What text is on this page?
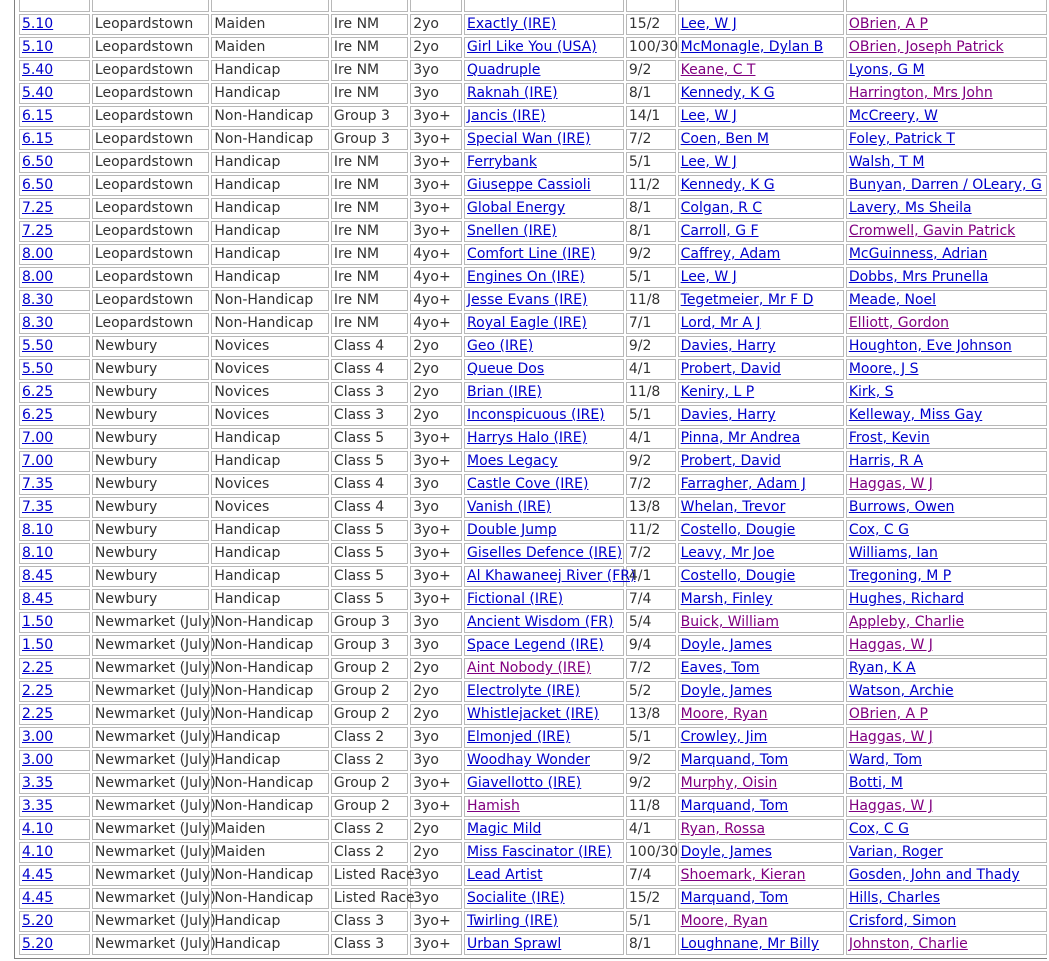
5.10	Leopardstown	Maiden	Ire NM	2yo	Exactly (IRE)	15/2	Lee, W J	OBrien, A P
5.10	Leopardstown	Maiden	Ire NM	2yo	Girl Like You (USA)	100/30	McMonagle, Dylan B	OBrien, Joseph Patrick
5.40	Leopardstown	Handicap	Ire NM	3yo	Quadruple	9/2	Keane, C T	Lyons, G M
5.40	Leopardstown	Handicap	Ire NM	3yo	Raknah (IRE)	8/1	Kennedy, K G	Harrington, Mrs John
6.15	Leopardstown	Non-Handicap	Group 3	3yo+	Jancis (IRE)	14/1	Lee, W J	McCreery, W
6.15	Leopardstown	Non-Handicap	Group 3	3yo+	Special Wan (IRE)	7/2	Coen, Ben M	Foley, Patrick T
6.50	Leopardstown	Handicap	Ire NM	3yo+	Ferrybank	5/1	Lee, W J	Walsh, T M
6.50	Leopardstown	Handicap	Ire NM	3yo+	Giuseppe Cassioli	11/2	Kennedy, K G	Bunyan, Darren / OLeary, G
7.25	Leopardstown	Handicap	Ire NM	3yo+	Global Energy	8/1	Colgan, R C	Lavery, Ms Sheila
7.25	Leopardstown	Handicap	Ire NM	3yo+	Snellen (IRE)	8/1	Carroll, G F	Cromwell, Gavin Patrick
8.00	Leopardstown	Handicap	Ire NM	4yo+	Comfort Line (IRE)	9/2	Caffrey, Adam	McGuinness, Adrian
8.00	Leopardstown	Handicap	Ire NM	4yo+	Engines On (IRE)	5/1	Lee, W J	Dobbs, Mrs Prunella
8.30	Leopardstown	Non-Handicap	Ire NM	4yo+	Jesse Evans (IRE)	11/8	Tegetmeier, Mr F D	Meade, Noel
8.30	Leopardstown	Non-Handicap	Ire NM	4yo+	Royal Eagle (IRE)	7/1	Lord, Mr A J	Elliott, Gordon
5.50	Newbury	Novices	Class 4	2yo	Geo (IRE)	9/2	Davies, Harry	Houghton, Eve Johnson
5.50	Newbury	Novices	Class 4	2yo	Queue Dos	4/1	Probert, David	Moore, J S
6.25	Newbury	Novices	Class 3	2yo	Brian (IRE)	11/8	Keniry, L P	Kirk, S
6.25	Newbury	Novices	Class 3	2yo	Inconspicuous (IRE)	5/1	Davies, Harry	Kelleway, Miss Gay
7.00	Newbury	Handicap	Class 5	3yo+	Harrys Halo (IRE)	4/1	Pinna, Mr Andrea	Frost, Kevin
7.00	Newbury	Handicap	Class 5	3yo+	Moes Legacy	9/2	Probert, David	Harris, R A
7.35	Newbury	Novices	Class 4	3yo	Castle Cove (IRE)	7/2	Farragher, Adam J	Haggas, W J
7.35	Newbury	Novices	Class 4	3yo	Vanish (IRE)	13/8	Whelan, Trevor	Burrows, Owen
8.10	Newbury	Handicap	Class 5	3yo+	Double Jump	11/2	Costello, Dougie	Cox, C G
8.10	Newbury	Handicap	Class 5	3yo+	Giselles Defence (IRE)	7/2	Leavy, Mr Joe	Williams, Ian
8.45	Newbury	Handicap	Class 5	3yo+	Al Khawaneej River (FR)	4/1	Costello, Dougie	Tregoning, M P
8.45	Newbury	Handicap	Class 5	3yo+	Fictional (IRE)	7/4	Marsh, Finley	Hughes, Richard
1.50	Newmarket (July)	Non-Handicap	Group 3	3yo	Ancient Wisdom (FR)	5/4	Buick, William	Appleby, Charlie
1.50	Newmarket (July)	Non-Handicap	Group 3	3yo	Space Legend (IRE)	9/4	Doyle, James	Haggas, W J
2.25	Newmarket (July)	Non-Handicap	Group 2	2yo	Aint Nobody (IRE)	7/2	Eaves, Tom	Ryan, K A
2.25	Newmarket (July)	Non-Handicap	Group 2	2yo	Electrolyte (IRE)	5/2	Doyle, James	Watson, Archie
2.25	Newmarket (July)	Non-Handicap	Group 2	2yo	Whistlejacket (IRE)	13/8	Moore, Ryan	OBrien, A P
3.00	Newmarket (July)	Handicap	Class 2	3yo	Elmonjed (IRE)	5/1	Crowley, Jim	Haggas, W J
3.00	Newmarket (July)	Handicap	Class 2	3yo	Woodhay Wonder	9/2	Marquand, Tom	Ward, Tom
3.35	Newmarket (July)	Non-Handicap	Group 2	3yo+	Giavellotto (IRE)	9/2	Murphy, Oisin	Botti, M
3.35	Newmarket (July)	Non-Handicap	Group 2	3yo+	Hamish	11/8	Marquand, Tom	Haggas, W J
4.10	Newmarket (July)	Maiden	Class 2	2yo	Magic Mild	4/1	Ryan, Rossa	Cox, C G
4.10	Newmarket (July)	Maiden	Class 2	2yo	Miss Fascinator (IRE)	100/30	Doyle, James	Varian, Roger
4.45	Newmarket (July)	Non-Handicap	Listed Race	3yo	Lead Artist	7/4	Shoemark, Kieran	Gosden, John and Thady
4.45	Newmarket (July)	Non-Handicap	Listed Race	3yo	Socialite (IRE)	15/2	Marquand, Tom	Hills, Charles
5.20	Newmarket (July)	Handicap	Class 3	3yo+	Twirling (IRE)	5/1	Moore, Ryan	Crisford, Simon
5.20	Newmarket (July)	Handicap	Class 3	3yo+	Urban Sprawl	8/1	Loughnane, Mr Billy	Johnston, Charlie
